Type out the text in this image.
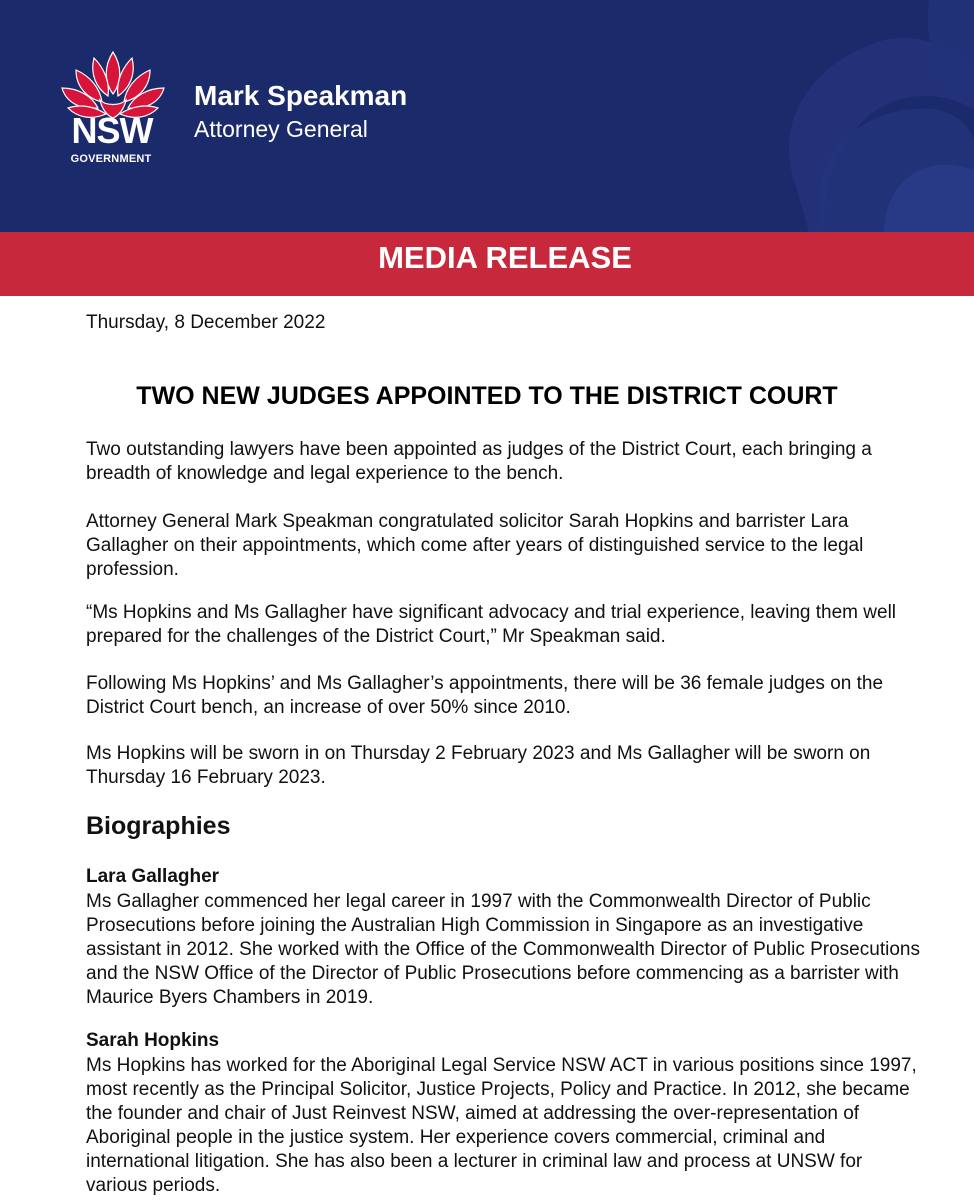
NSW
GOVERNMENT
Mark Speakman
Attorney General
MEDIA RELEASE
Thursday, 8 December 2022
TWO NEW JUDGES APPOINTED TO THE DISTRICT COURT

Two outstanding lawyers have been appointed as judges of the District Court, each bringing a breadth of knowledge and legal experience to the bench.

Attorney General Mark Speakman congratulated solicitor Sarah Hopkins and barrister Lara Gallagher on their appointments, which come after years of distinguished service to the legal profession.

“Ms Hopkins and Ms Gallagher have significant advocacy and trial experience, leaving them well prepared for the challenges of the District Court,” Mr Speakman said.

Following Ms Hopkins’ and Ms Gallagher’s appointments, there will be 36 female judges on the District Court bench, an increase of over 50% since 2010.

Ms Hopkins will be sworn in on Thursday 2 February 2023 and Ms Gallagher will be sworn on Thursday 16 February 2023.

Biographies
Lara Gallagher

Ms Gallagher commenced her legal career in 1997 with the Commonwealth Director of Public Prosecutions before joining the Australian High Commission in Singapore as an investigative assistant in 2012. She worked with the Office of the Commonwealth Director of Public Prosecutions and the NSW Office of the Director of Public Prosecutions before commencing as a barrister with Maurice Byers Chambers in 2019.

Sarah Hopkins

Ms Hopkins has worked for the Aboriginal Legal Service NSW ACT in various positions since 1997, most recently as the Principal Solicitor, Justice Projects, Policy and Practice. In 2012, she became the founder and chair of Just Reinvest NSW, aimed at addressing the over-representation of Aboriginal people in the justice system. Her experience covers commercial, criminal and international litigation. She has also been a lecturer in criminal law and process at UNSW for various periods.
